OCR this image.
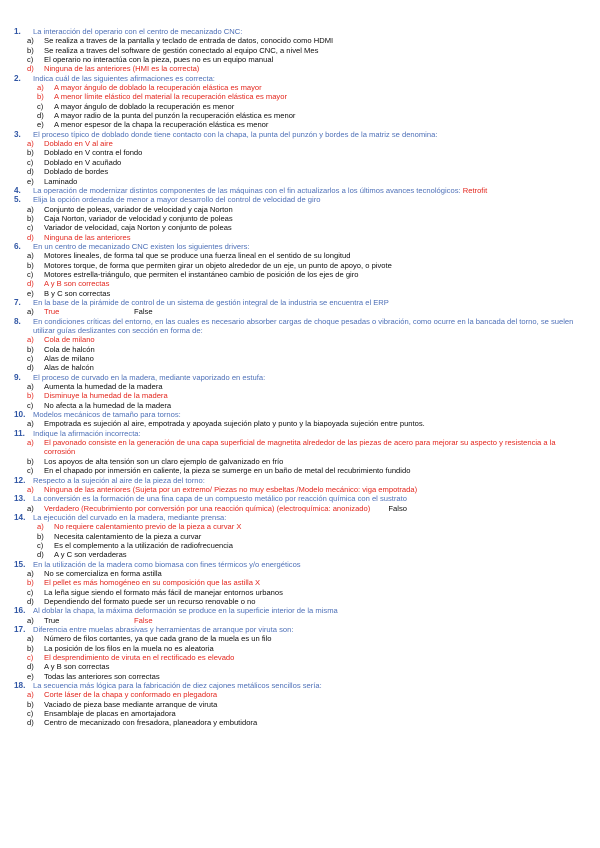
1. La interacción del operario con el centro de mecanizado CNC:
a) Se realiza a traves de la pantalla y teclado de entrada de datos, conocido como HDMI
b) Se realiza a traves del software de gestión conectado al equipo CNC, a nivel Mes
c) El operario no interactúa con la pieza, pues no es un equipo manual
d) Ninguna de las anteriores (HMI es la correcta)
2. Indica cuál de las siguientes afirmaciones es correcta:
a) A mayor ángulo de doblado la recuperación elástica es mayor
b) A menor límite elástico del material la recuperación elástica es mayor
c) A mayor ángulo de doblado la recuperación es menor
d) A mayor radio de la punta del punzón la recuperación elástica es menor
e) A menor espesor de la chapa la recuperación elástica es menor
3. El proceso típico de doblado donde tiene contacto con la chapa, la punta del punzón y bordes de la matriz se denomina:
a) Doblado en V al aire
b) Doblado en V contra el fondo
c) Doblado en V acuñado
d) Doblado de bordes
e) Laminado
4. La operación de modernizar distintos componentes de las máquinas con el fin actualizarlos a los últimos avances tecnológicos: Retrofit
5. Elija la opción ordenada de menor a mayor desarrollo del control de velocidad de giro
a) Conjunto de poleas, variador de velocidad y caja Norton
b) Caja Norton, variador de velocidad y conjunto de poleas
c) Variador de velocidad, caja Norton y conjunto de poleas
d) Ninguna de las anteriores
6. En un centro de mecanizado CNC existen los siguientes drivers:
a) Motores lineales, de forma tal que se produce una fuerza lineal en el sentido de su longitud
b) Motores torque, de forma que permiten girar un objeto alrededor de un eje, un punto de apoyo, o pivote
c) Motores estrella-triángulo, que permiten el instantáneo cambio de posición de los ejes de giro
d) A y B son correctas
e) B y C son correctas
7. En la base de la pirámide de control de un sistema de gestión integral de la industria se encuentra el ERP
a) True	False
8. En condiciones críticas del entorno, en las cuales es necesario absorber cargas de choque pesadas o vibración, como ocurre en la bancada del torno, se suelen utilizar guías deslizantes con sección en forma de:
a) Cola de milano
b) Cola de halcón
c) Alas de milano
d) Alas de halcón
9. El proceso de curvado en la madera, mediante vaporizado en estufa:
a) Aumenta la humedad de la madera
b) Disminuye la humedad de la madera
c) No afecta a la humedad de la madera
10. Modelos mecánicos de tamaño para tornos:
a) Empotrada es sujeción al aire, empotrada y apoyada sujeción plato y punto y la biapoyada sujeción entre puntos.
11. Indique la afirmación incorrecta:
a) El pavonado consiste en la generación de una capa superficial de magnetita alrededor de las piezas de acero para mejorar su aspecto y resistencia a la corrosión
b) Los apoyos de alta tensión son un claro ejemplo de galvanizado en frío
c) En el chapado por inmersión en caliente, la pieza se sumerge en un baño de metal del recubrimiento fundido
12. Respecto a la sujeción al aire de la pieza del torno:
a) Ninguna de las anteriores (Sujeta por un extremo/ Piezas no muy esbeltas /Modelo mecánico: viga empotrada)
13. La conversión es la formación de una fina capa de un compuesto metálico por reacción química con el sustrato
a) Verdadero (Recubrimiento por conversión por una reacción química) (electroquímica: anonizado) Falso
14. La ejecución del curvado en la madera, mediante prensa:
a) No requiere calentamiento previo de la pieza a curvar X
b) Necesita calentamiento de la pieza a curvar
c) Es el complemento a la utilización de radiofrecuencia
d) A y C son verdaderas
15. En la utilización de la madera como biomasa con fines térmicos y/o energéticos
a) No se comercializa en forma astilla
b) El pellet es más homogéneo en su composición que las astilla X
c) La leña sigue siendo el formato más fácil de manejar entornos urbanos
d) Dependiendo del formato puede ser un recurso renovable o no
16. Al doblar la chapa, la máxima deformación se produce en la superficie interior de la misma
a) True	False
17. Diferencia entre muelas abrasivas y herramientas de arranque por viruta son:
a) Número de filos cortantes, ya que cada grano de la muela es un filo
b) La posición de los filos en la muela no es aleatoria
c) El desprendimiento de viruta en el rectificado es elevado
d) A y B son correctas
e) Todas las anteriores son correctas
18. La secuencia más lógica para la fabricación de diez cajones metálicos sencillos sería:
a) Corte láser de la chapa y conformado en plegadora
b) Vaciado de pieza base mediante arranque de viruta
c) Ensamblaje de placas en amortajadora
d) Centro de mecanizado con fresadora, planeadora y embutidora
